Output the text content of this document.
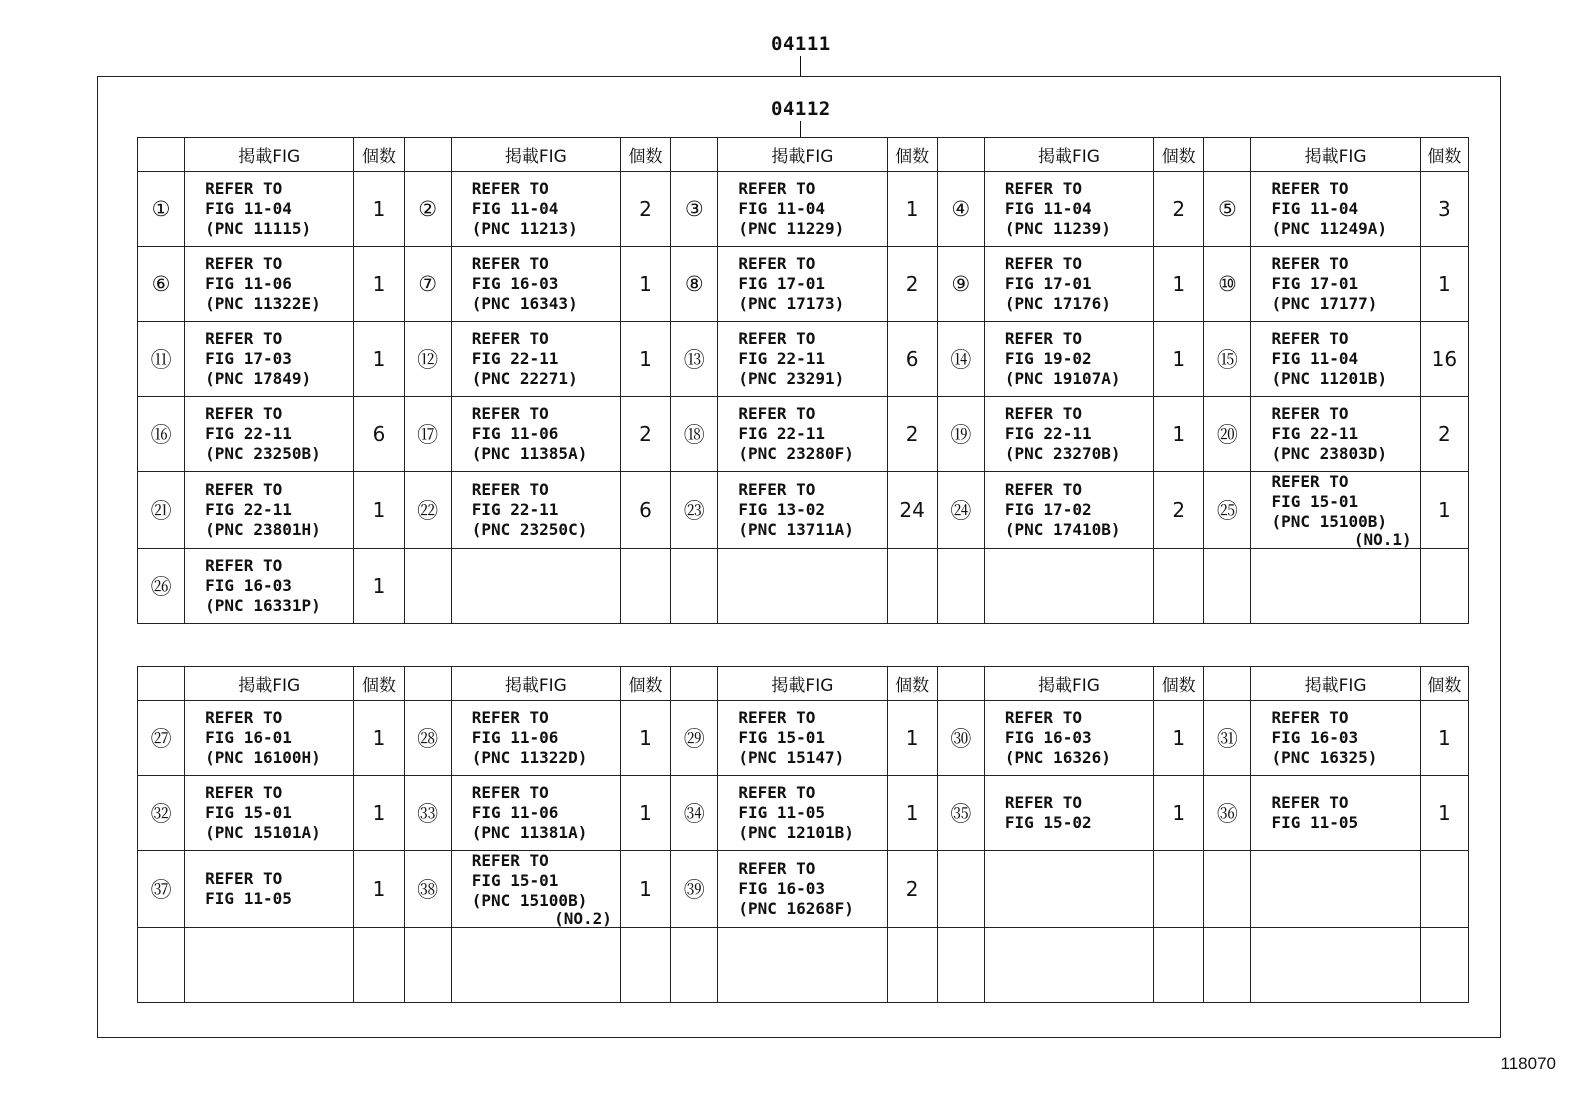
04111
04112
	掲載FIG	個数		掲載FIG	個数		掲載FIG	個数		掲載FIG	個数		掲載FIG	個数
①	REFER TO
FIG 11-04
(PNC 11115)	1	②	REFER TO
FIG 11-04
(PNC 11213)	2	③	REFER TO
FIG 11-04
(PNC 11229)	1	④	REFER TO
FIG 11-04
(PNC 11239)	2	⑤	REFER TO
FIG 11-04
(PNC 11249A)	3
⑥	REFER TO
FIG 11-06
(PNC 11322E)	1	⑦	REFER TO
FIG 16-03
(PNC 16343)	1	⑧	REFER TO
FIG 17-01
(PNC 17173)	2	⑨	REFER TO
FIG 17-01
(PNC 17176)	1	⑩	REFER TO
FIG 17-01
(PNC 17177)	1
⑪	REFER TO
FIG 17-03
(PNC 17849)	1	⑫	REFER TO
FIG 22-11
(PNC 22271)	1	⑬	REFER TO
FIG 22-11
(PNC 23291)	6	⑭	REFER TO
FIG 19-02
(PNC 19107A)	1	⑮	REFER TO
FIG 11-04
(PNC 11201B)	16
⑯	REFER TO
FIG 22-11
(PNC 23250B)	6	⑰	REFER TO
FIG 11-06
(PNC 11385A)	2	⑱	REFER TO
FIG 22-11
(PNC 23280F)	2	⑲	REFER TO
FIG 22-11
(PNC 23270B)	1	⑳	REFER TO
FIG 22-11
(PNC 23803D)	2
㉑	REFER TO
FIG 22-11
(PNC 23801H)	1	㉒	REFER TO
FIG 22-11
(PNC 23250C)	6	㉓	REFER TO
FIG 13-02
(PNC 13711A)	24	㉔	REFER TO
FIG 17-02
(PNC 17410B)	2	㉕	REFER TO
FIG 15-01
(PNC 15100B)
(NO.1)	1
㉖	REFER TO
FIG 16-03
(PNC 16331P)	1												
	掲載FIG	個数		掲載FIG	個数		掲載FIG	個数		掲載FIG	個数		掲載FIG	個数
㉗	REFER TO
FIG 16-01
(PNC 16100H)	1	㉘	REFER TO
FIG 11-06
(PNC 11322D)	1	㉙	REFER TO
FIG 15-01
(PNC 15147)	1	㉚	REFER TO
FIG 16-03
(PNC 16326)	1	㉛	REFER TO
FIG 16-03
(PNC 16325)	1
㉜	REFER TO
FIG 15-01
(PNC 15101A)	1	㉝	REFER TO
FIG 11-06
(PNC 11381A)	1	㉞	REFER TO
FIG 11-05
(PNC 12101B)	1	㉟	REFER TO
FIG 15-02	1	㊱	REFER TO
FIG 11-05	1
㊲	REFER TO
FIG 11-05	1	㊳	REFER TO
FIG 15-01
(PNC 15100B)
(NO.2)	1	㊴	REFER TO
FIG 16-03
(PNC 16268F)	2						

118070
